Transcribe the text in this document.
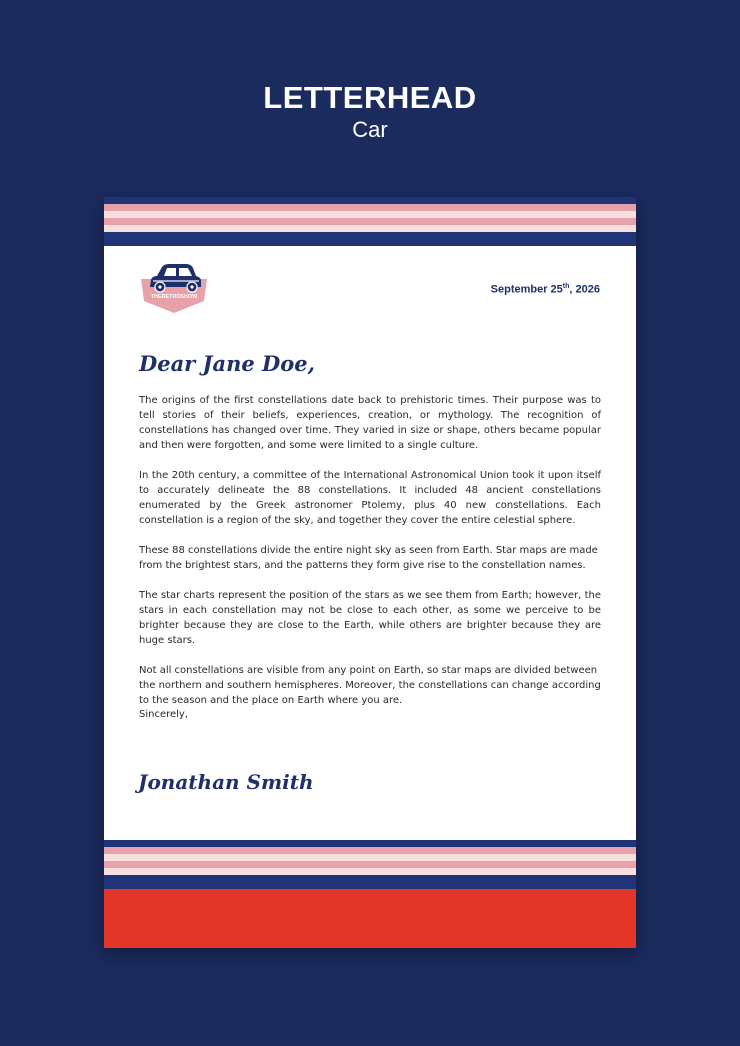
LETTERHEAD
Car
THERETROSHOW
September 25th, 2026
Dear Jane Doe,

The origins of the first constellations date back to prehistoric times. Their purpose was to tell stories of their beliefs, experiences, creation, or mythology. The recognition of constellations has changed over time. They varied in size or shape, others became popular and then were forgotten, and some were limited to a single culture.

In the 20th century, a committee of the International Astronomical Union took it upon itself to accurately delineate the 88 constellations. It included 48 ancient constellations enumerated by the Greek astronomer Ptolemy, plus 40 new constellations. Each constellation is a region of the sky, and together they cover the entire celestial sphere.

These 88 constellations divide the entire night sky as seen from Earth. Star maps are made from the brightest stars, and the patterns they form give rise to the constellation names.

The star charts represent the position of the stars as we see them from Earth; however, the stars in each constellation may not be close to each other, as some we perceive to be brighter because they are close to the Earth, while others are brighter because they are huge stars.

Not all constellations are visible from any point on Earth, so star maps are divided between the northern and southern hemispheres. Moreover, the constellations can change according to the season and the place on Earth where you are.

Sincerely,
Jonathan Smith
